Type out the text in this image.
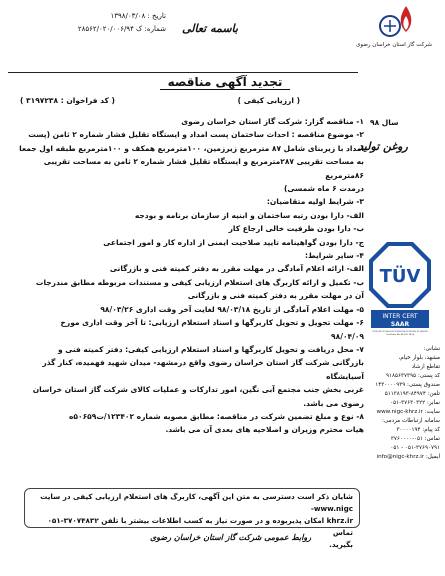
تاریخ : ۱۳۹۸/۰۳/۰۸
شماره: ک ۲۸۵۶۲/۰۲۰/۰۰۶/۹۴ باسمه تعالی
شرکت گاز استان خراسان رضوی
تجدید آگهی مناقصه
( کد فراخوان : ۳۱۹۷۲۳۸ )	( ارزیابی کیفی )

۱- مناقصه گزار: شرکت گاز استان خراسان رضوی

۲- موضوع مناقصه : احداث ساختمان پست امداد و ایستگاه تقلیل فشار شماره ۲ ثامن (پست

امداد با زیربنای شامل ۸۷ مترمربع زیرزمین، ۱۰۰مترمربع همکف و ۱۰۰مترمربع طبقه اول جمعا

به مساحت تقریبی ۲۸۷مترمربع و ایستگاه تقلیل فشار شماره ۲ ثامن به مساحت تقریبی ۸۶مترمربع

درمدت ۶ ماه شمسی)

۳- شرایط اولیه متقاضیان:

الف- دارا بودن رتبه ساختمان و ابنیه از سازمان برنامه و بودجه

ب- دارا بودن ظرفیت خالی ارجاع کار

ج- دارا بودن گواهینامه تایید صلاحیت ایمنی از اداره کار و امور اجتماعی

۴- سایر شرایط:

الف- ارائه اعلام آمادگی در مهلت مقرر به دفتر کمیته فنی و بازرگانی

ب- تکمیل و ارائه کاربرگ های استعلام ارزیابی کیفی و مستندات مربوطه مطابق مندرجات

آن در مهلت مقرر به دفتر کمیته فنی و بازرگانی

۵- مهلت اعلام آمادگی از تاریخ ۹۸/۰۳/۱۸ لغایت آخر وقت اداری ۹۸/۰۳/۲۶

۶- مهلت تحویل و تحویل کاربرگها و اسناد استعلام ارزیابی: تا آخر وقت اداری مورخ

۹۸/۰۴/۰۹

۷- محل دریافت و تحویل کاربرگها و اسناد استعلام ارزیابی کیفی: دفتر کمیته فنی و

بازرگانی شرکت گاز استان خراسان رضوی واقع درمشهد- میدان شهید فهمیده، کنار گذر آسیایشگاه

غربی بخش جنب مجتمع آبی نگین، امور تدارکات و عملیات کالای شرکت گاز استان خراسان

رضوی می باشد.

۸- نوع و مبلغ تضمین شرکت در مناقصه: مطابق مصوبه شماره ۱۲۳۴۰۲/ت۵۰۶۵۹ه

هیات محترم وزیران و اصلاحیه های بعدی آن می باشد.

سال ۹۸
روغن تولید
TÜV
INTER CERT
SAAR
ISO 9001:2015, ISO 14001:2015, ISO 45001:2018, ISO 10002:2014, ISO 10004:2018
Certificate No. 44 100 18 00
نشانی:
مشهد، بلوار خیام،
تقاطع ارشاد
کد پستی: ۹۱۸۵۶۳۷۳۹۵
صندوق پستی: ۱۴۳۰۰۰۰۹۳۹
تلفن: ۸۴۹۷۴-۵۱۱۳۸۱۹۳
نمابر: ۳۷۶۳۰۳۲۲-۰۵۱
سایت: www.nigc-khrz.ir
سامانه ارتباطات مردمی:
کد پیام: ۳۰۰۰۰۱۹۴
تماس: ۰۵۱-۳۷۶۰۰۰۰
۰۵۱-۳۷۶۹۰۷۹۱ - ۰۵۱
ایمیل: info@nigc-khrz.ir
شایان ذکر است دسترسی به متن این آگهی، کاربرگ های استعلام ارزیابی کیفی در سایت www.nigc-
khrz.ir امکان پذیربوده و در صورت نیاز به کسب اطلاعات بیشتر با تلفن ۳۷۰۷۴۸۳۲-۰۵۱ تماس
بگیرید.
روابط عمومی شرکت گاز استان خراسان رضوی
